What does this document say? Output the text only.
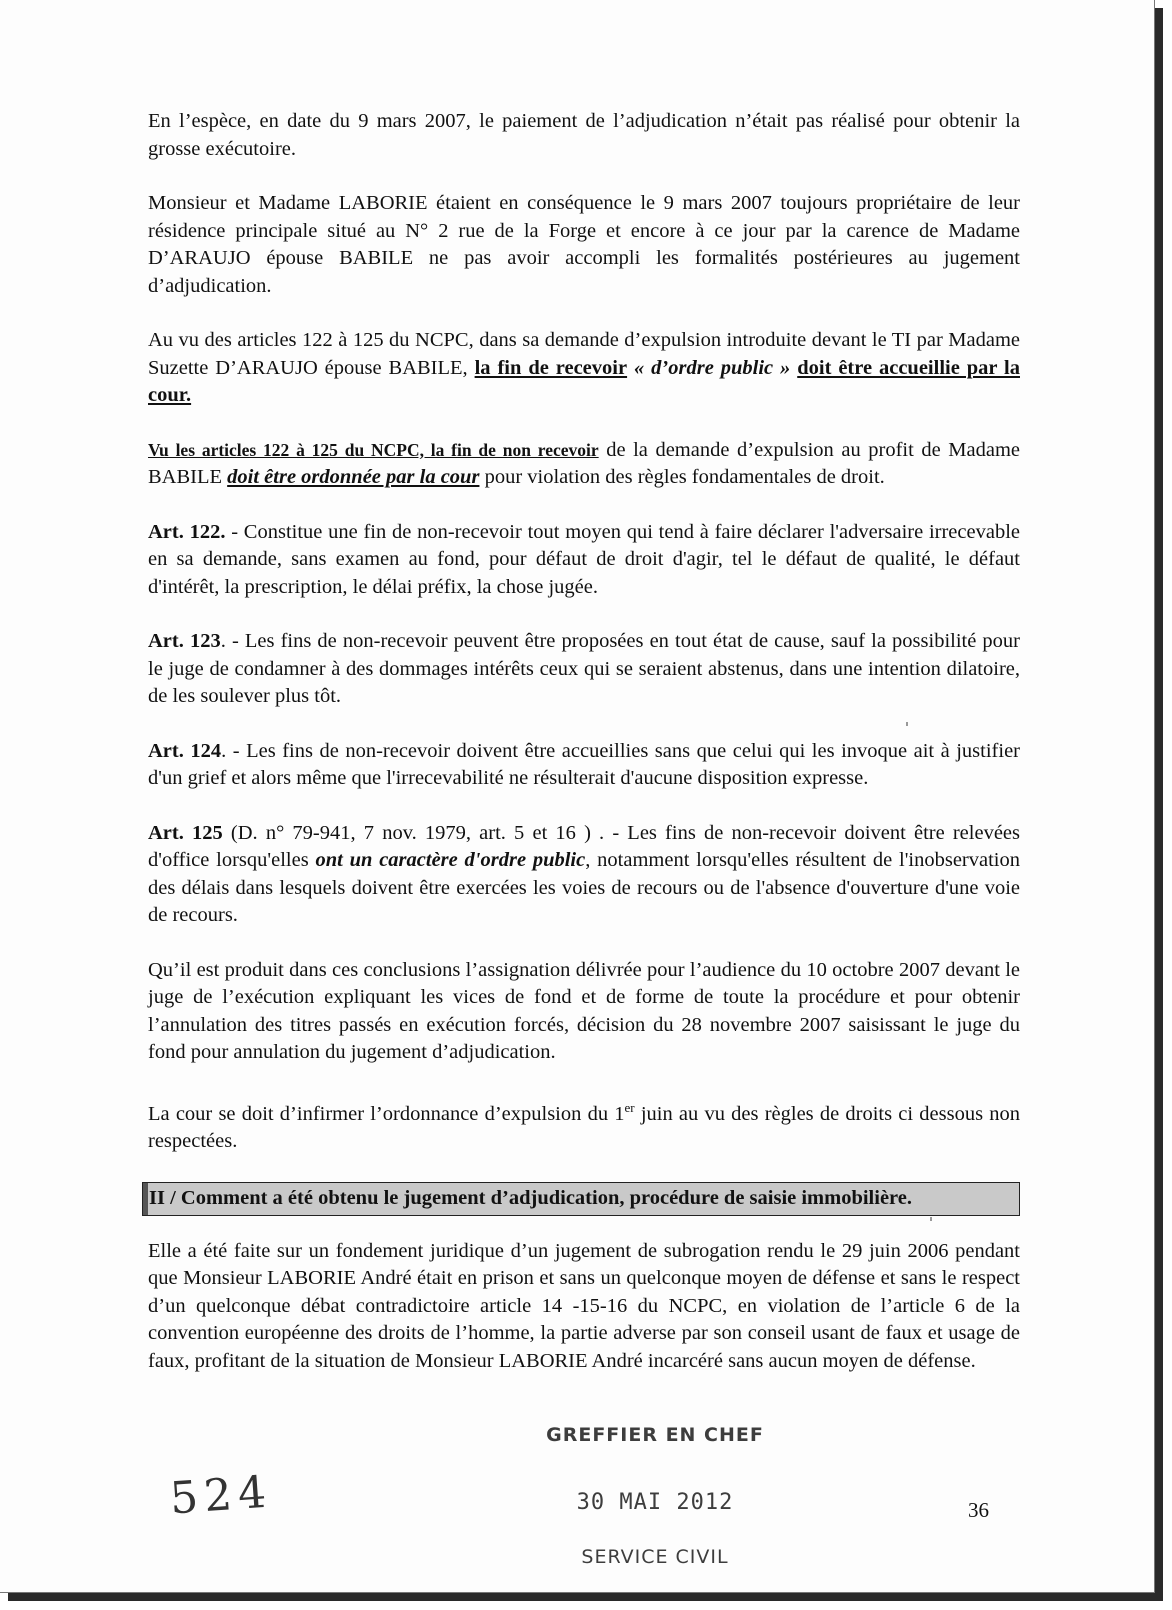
En l’espèce, en date du 9 mars 2007, le paiement de l’adjudication n’était pas réalisé pour obtenir la grosse exécutoire.

Monsieur et Madame LABORIE étaient en conséquence le 9 mars 2007 toujours propriétaire de leur résidence principale situé au N° 2 rue de la Forge et encore à ce jour par la carence de Madame D’ARAUJO épouse BABILE ne pas avoir accompli les formalités postérieures au jugement d’adjudication.

Au vu des articles 122 à 125 du NCPC, dans sa demande d’expulsion introduite devant le TI par Madame Suzette D’ARAUJO épouse BABILE, la fin de recevoir « d’ordre public » doit être accueillie par la cour.

Vu les articles 122 à 125 du NCPC, la fin de non recevoir de la demande d’expulsion au profit de Madame BABILE doit être ordonnée par la cour pour violation des règles fondamentales de droit.

Art. 122. - Constitue une fin de non-recevoir tout moyen qui tend à faire déclarer l'adversaire irrecevable en sa demande, sans examen au fond, pour défaut de droit d'agir, tel le défaut de qualité, le défaut d'intérêt, la prescription, le délai préfix, la chose jugée.

Art. 123. - Les fins de non-recevoir peuvent être proposées en tout état de cause, sauf la possibilité pour le juge de condamner à des dommages intérêts ceux qui se seraient abstenus, dans une intention dilatoire, de les soulever plus tôt.

Art. 124. - Les fins de non-recevoir doivent être accueillies sans que celui qui les invoque ait à justifier d'un grief et alors même que l'irrecevabilité ne résulterait d'aucune disposition expresse.

Art. 125 (D. n° 79-941, 7 nov. 1979, art. 5 et 16 ) . - Les fins de non-recevoir doivent être relevées d'office lorsqu'elles ont un caractère d'ordre public, notamment lorsqu'elles résultent de l'inobservation des délais dans lesquels doivent être exercées les voies de recours ou de l'absence d'ouverture d'une voie de recours.

Qu’il est produit dans ces conclusions l’assignation délivrée pour l’audience du 10 octobre 2007 devant le juge de l’exécution expliquant les vices de fond et de forme de toute la procédure et pour obtenir l’annulation des titres passés en exécution forcés, décision du 28 novembre 2007 saisissant le juge du fond pour annulation du jugement d’adjudication.

La cour se doit d’infirmer l’ordonnance d’expulsion du 1er juin au vu des règles de droits ci dessous non respectées.

II / Comment a été obtenu le jugement d’adjudication, procédure de saisie immobilière.

Elle a été faite sur un fondement juridique d’un jugement de subrogation rendu le 29 juin 2006 pendant que Monsieur LABORIE André était en prison et sans un quelconque moyen de défense et sans le respect d’un quelconque débat contradictoire article 14 -15-16 du NCPC, en violation de l’article 6 de la convention européenne des droits de l’homme, la partie adverse par son conseil usant de faux et usage de faux, profitant de la situation de Monsieur LABORIE André incarcéré sans aucun moyen de défense.

GREFFIER EN CHEF
30 MAI 2012
SERVICE CIVIL
524	36
